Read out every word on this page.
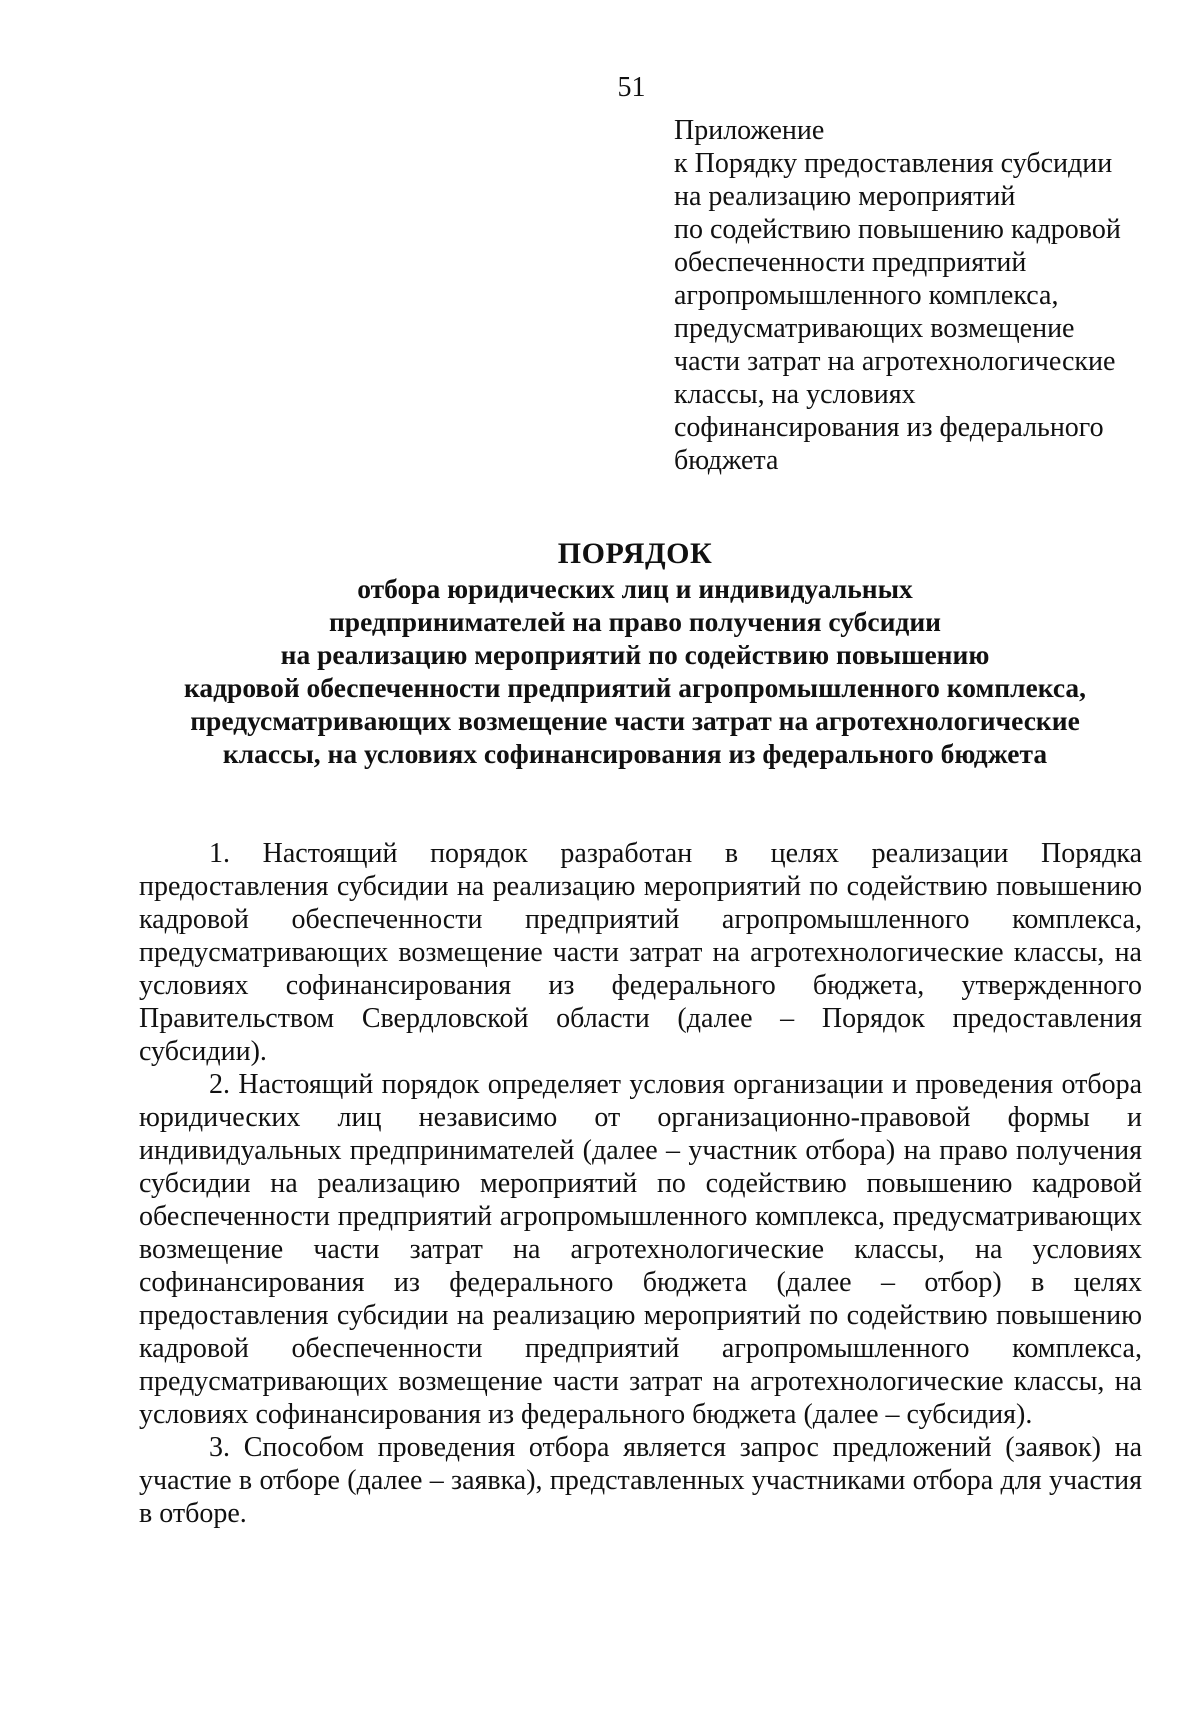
51
Приложение
к Порядку предоставления субсидии
на реализацию мероприятий
по содействию повышению кадровой
обеспеченности предприятий
агропромышленного комплекса,
предусматривающих возмещение
части затрат на агротехнологические
классы, на условиях
софинансирования из федерального
бюджета
ПОРЯДОК
отбора юридических лиц и индивидуальных
предпринимателей на право получения субсидии
на реализацию мероприятий по содействию повышению
кадровой обеспеченности предприятий агропромышленного комплекса,
предусматривающих возмещение части затрат на агротехнологические
классы, на условиях софинансирования из федерального бюджета

1. Настоящий порядок разработан в целях реализации Порядка предоставления субсидии на реализацию мероприятий по содействию повышению кадровой обеспеченности предприятий агропромышленного комплекса, предусматривающих возмещение части затрат на агротехнологические классы, на условиях софинансирования из федерального бюджета, утвержденного Правительством Свердловской области (далее – Порядок предоставления субсидии).

2. Настоящий порядок определяет условия организации и проведения отбора юридических лиц независимо от организационно-правовой формы и индивидуальных предпринимателей (далее – участник отбора) на право получения субсидии на реализацию мероприятий по содействию повышению кадровой обеспеченности предприятий агропромышленного комплекса, предусматривающих возмещение части затрат на агротехнологические классы, на условиях софинансирования из федерального бюджета (далее – отбор) в целях предоставления субсидии на реализацию мероприятий по содействию повышению кадровой обеспеченности предприятий агропромышленного комплекса, предусматривающих возмещение части затрат на агротехнологические классы, на условиях софинансирования из федерального бюджета (далее – субсидия).

3. Способом проведения отбора является запрос предложений (заявок) на участие в отборе (далее – заявка), представленных участниками отбора для участия в отборе.
